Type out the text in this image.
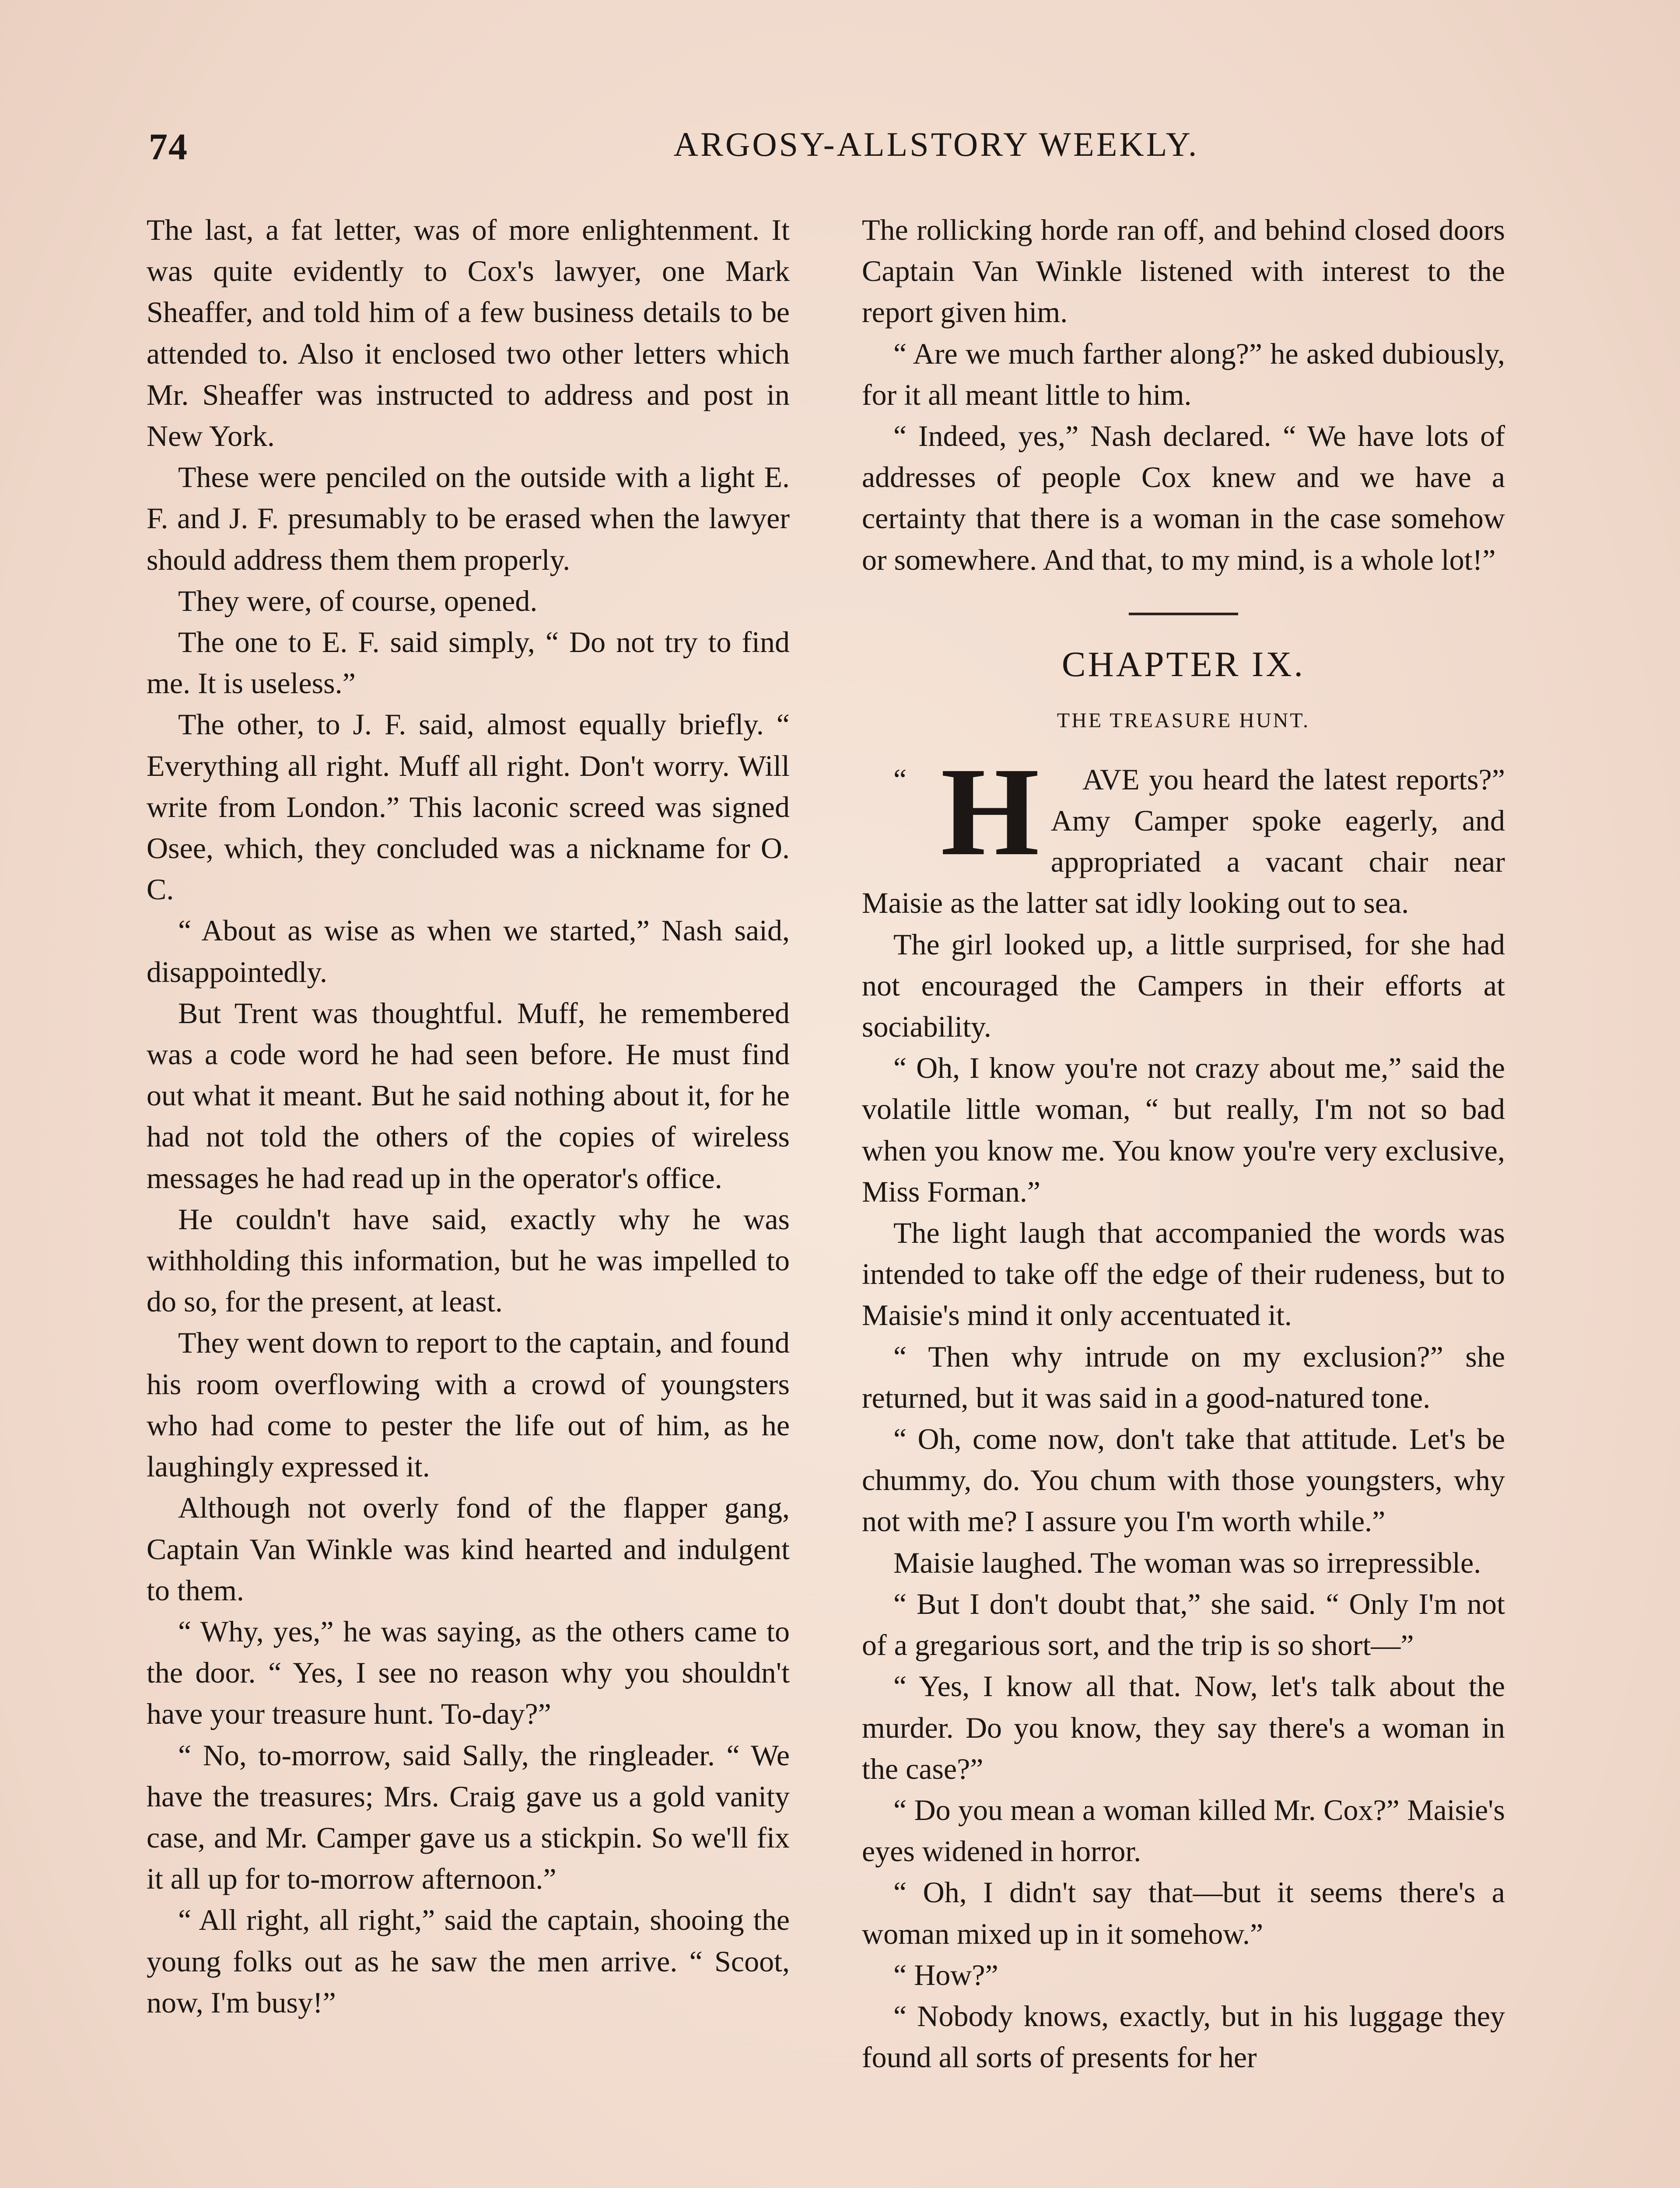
74	ARGOSY-ALLSTORY WEEKLY.

The last, a fat letter, was of more enlightenment. It was quite evidently to Cox's lawyer, one Mark Sheaffer, and told him of a few business details to be attended to. Also it enclosed two other letters which Mr. Sheaffer was instructed to address and post in New York.

These were penciled on the outside with a light E. F. and J. F. presumably to be erased when the lawyer should address them them properly.

They were, of course, opened.

The one to E. F. said simply, “ Do not try to find me. It is useless.”

The other, to J. F. said, almost equally briefly. “ Everything all right. Muff all right. Don't worry. Will write from London.” This laconic screed was signed Osee, which, they concluded was a nickname for O. C.

“ About as wise as when we started,” Nash said, disappointedly.

But Trent was thoughtful. Muff, he remembered was a code word he had seen before. He must find out what it meant. But he said nothing about it, for he had not told the others of the copies of wireless messages he had read up in the operator's office.

He couldn't have said, exactly why he was withholding this information, but he was impelled to do so, for the present, at least.

They went down to report to the captain, and found his room overflowing with a crowd of youngsters who had come to pester the life out of him, as he laughingly expressed it.

Although not overly fond of the flapper gang, Captain Van Winkle was kind hearted and indulgent to them.

“ Why, yes,” he was saying, as the others came to the door. “ Yes, I see no reason why you shouldn't have your treasure hunt. To-day?”

“ No, to-morrow, said Sally, the ringleader. “ We have the treasures; Mrs. Craig gave us a gold vanity case, and Mr. Camper gave us a stickpin. So we'll fix it all up for to-morrow afternoon.”

“ All right, all right,” said the captain, shooing the young folks out as he saw the men arrive. “ Scoot, now, I'm busy!”

The rollicking horde ran off, and behind closed doors Captain Van Winkle listened with interest to the report given him.

“ Are we much farther along?” he asked dubiously, for it all meant little to him.

“ Indeed, yes,” Nash declared. “ We have lots of addresses of people Cox knew and we have a certainty that there is a woman in the case somehow or somewhere. And that, to my mind, is a whole lot!”

CHAPTER IX.
THE TREASURE HUNT.

“ H AVE you heard the latest reports?” Amy Camper spoke eagerly, and appropriated a vacant chair near Maisie as the latter sat idly looking out to sea.

The girl looked up, a little surprised, for she had not encouraged the Campers in their efforts at sociability.

“ Oh, I know you're not crazy about me,” said the volatile little woman, “ but really, I'm not so bad when you know me. You know you're very exclusive, Miss Forman.”

The light laugh that accompanied the words was intended to take off the edge of their rudeness, but to Maisie's mind it only accentuated it.

“ Then why intrude on my exclusion?” she returned, but it was said in a good-natured tone.

“ Oh, come now, don't take that attitude. Let's be chummy, do. You chum with those youngsters, why not with me? I assure you I'm worth while.”

Maisie laughed. The woman was so irrepressible.

“ But I don't doubt that,” she said. “ Only I'm not of a gregarious sort, and the trip is so short—”

“ Yes, I know all that. Now, let's talk about the murder. Do you know, they say there's a woman in the case?”

“ Do you mean a woman killed Mr. Cox?” Maisie's eyes widened in horror.

“ Oh, I didn't say that—but it seems there's a woman mixed up in it somehow.”

“ How?”

“ Nobody knows, exactly, but in his luggage they found all sorts of presents for her
